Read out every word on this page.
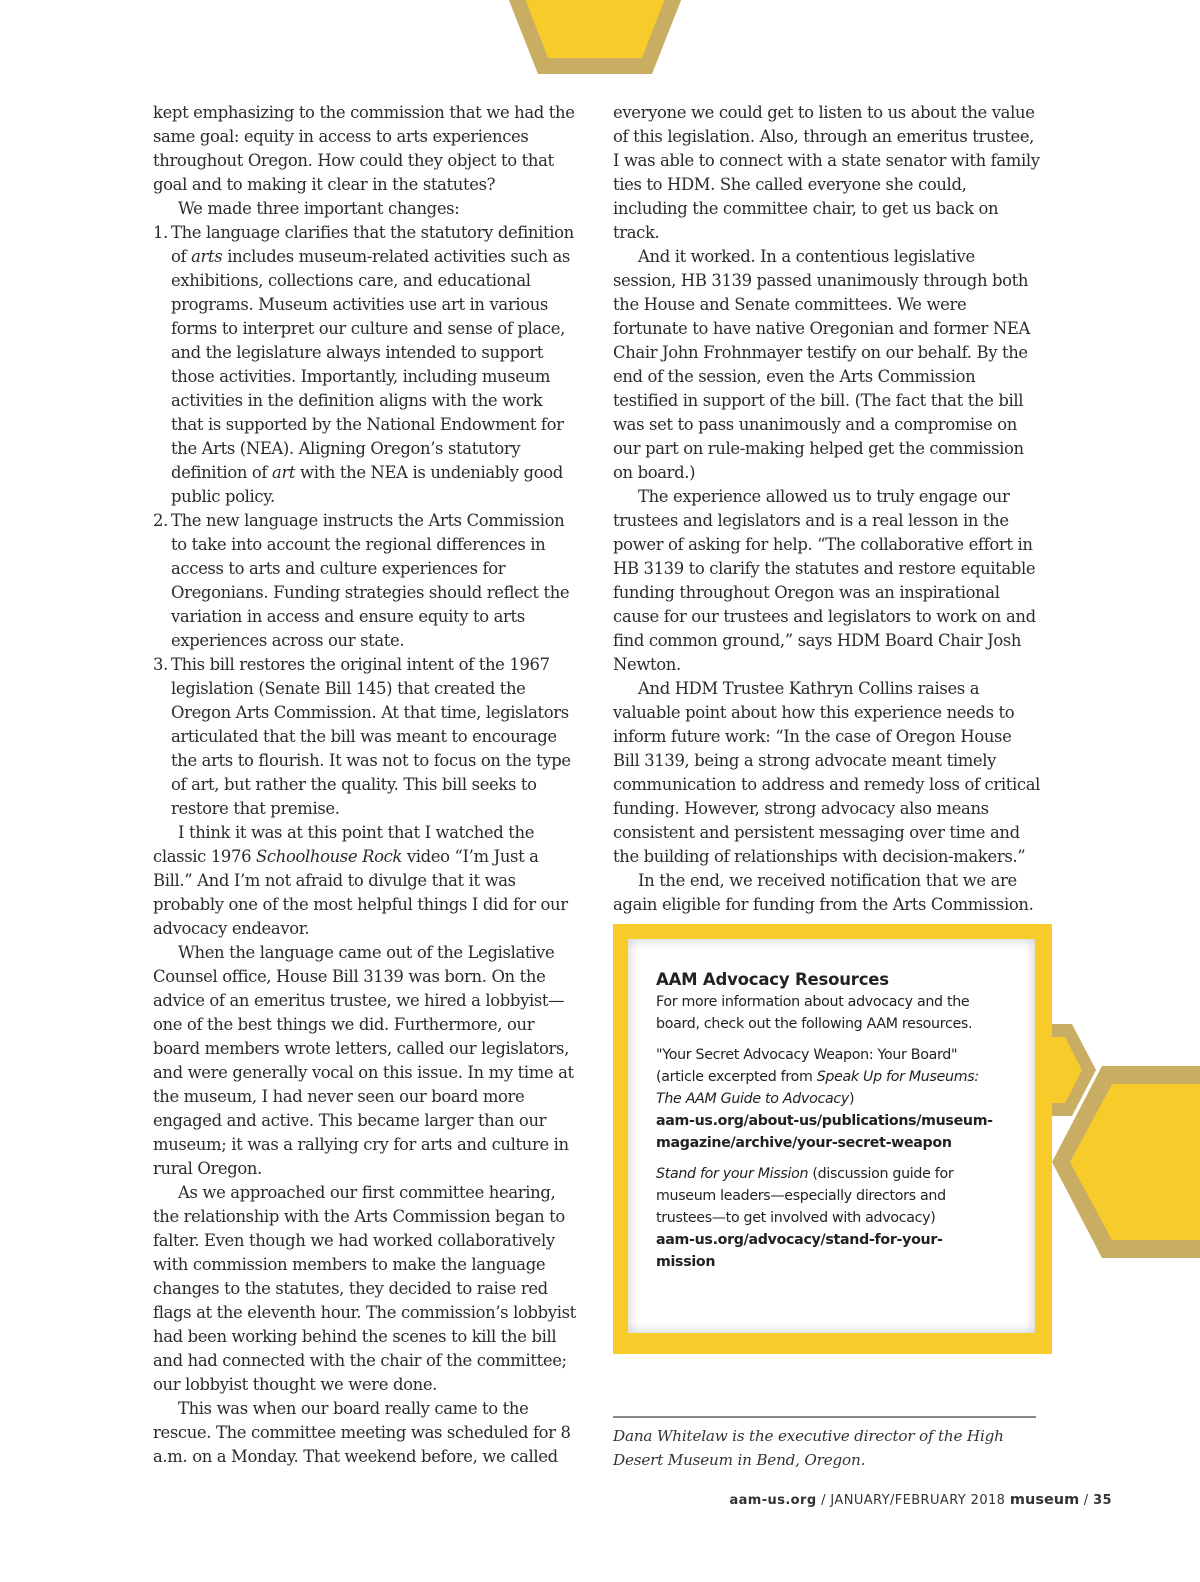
kept emphasizing to the commission that we had the same goal: equity in access to arts experiences throughout Oregon. How could they object to that goal and to making it clear in the statutes?

We made three important changes:

1. The language clarifies that the statutory definition of arts includes museum-related activities such as exhibitions, collections care, and educational programs. Museum activities use art in various forms to interpret our culture and sense of place, and the legislature always intended to support those activities. Importantly, including museum activities in the definition aligns with the work that is supported by the National Endowment for the Arts (NEA). Aligning Oregon’s statutory definition of art with the NEA is undeniably good public policy.
2. The new language instructs the Arts Commission to take into account the regional differences in access to arts and culture experiences for Oregonians. Funding strategies should reflect the variation in access and ensure equity to arts experiences across our state.
3. This bill restores the original intent of the 1967 legislation (Senate Bill 145) that created the Oregon Arts Commission. At that time, legislators articulated that the bill was meant to encourage the arts to flourish. It was not to focus on the type of art, but rather the quality. This bill seeks to restore that premise.

I think it was at this point that I watched the classic 1976 Schoolhouse Rock video “I’m Just a Bill.” And I’m not afraid to divulge that it was probably one of the most helpful things I did for our advocacy endeavor.

When the language came out of the Legislative Counsel office, House Bill 3139 was born. On the advice of an emeritus trustee, we hired a lobbyist—one of the best things we did. Furthermore, our board members wrote letters, called our legislators, and were generally vocal on this issue. In my time at the museum, I had never seen our board more engaged and active. This became larger than our museum; it was a rallying cry for arts and culture in rural Oregon.

As we approached our first committee hearing, the relationship with the Arts Commission began to falter. Even though we had worked collaboratively with commission members to make the language changes to the statutes, they decided to raise red flags at the eleventh hour. The commission’s lobbyist had been working behind the scenes to kill the bill and had connected with the chair of the committee; our lobbyist thought we were done.

This was when our board really came to the rescue. The committee meeting was scheduled for 8 a.m. on a Monday. That weekend before, we called

everyone we could get to listen to us about the value of this legislation. Also, through an emeritus trustee, I was able to connect with a state senator with family ties to HDM. She called everyone she could, including the committee chair, to get us back on track.

And it worked. In a contentious legislative session, HB 3139 passed unanimously through both the House and Senate committees. We were fortunate to have native Oregonian and former NEA Chair John Frohnmayer testify on our behalf. By the end of the session, even the Arts Commission testified in support of the bill. (The fact that the bill was set to pass unanimously and a compromise on our part on rule-making helped get the commission on board.)

The experience allowed us to truly engage our trustees and legislators and is a real lesson in the power of asking for help. “The collaborative effort in HB 3139 to clarify the statutes and restore equitable funding throughout Oregon was an inspirational cause for our trustees and legislators to work on and find common ground,” says HDM Board Chair Josh Newton.

And HDM Trustee Kathryn Collins raises a valuable point about how this experience needs to inform future work: “In the case of Oregon House Bill 3139, being a strong advocate meant timely communication to address and remedy loss of critical funding. However, strong advocacy also means consistent and persistent messaging over time and the building of relationships with decision-makers.”

In the end, we received notification that we are again eligible for funding from the Arts Commission.

AAM Advocacy Resources

For more information about advocacy and the board, check out the following AAM resources.

"Your Secret Advocacy Weapon: Your Board" (article excerpted from Speak Up for Museums: The AAM Guide to Advocacy)
aam-us.org/about-us/publications/museum-magazine/archive/your-secret-weapon

Stand for your Mission (discussion guide for museum leaders—especially directors and trustees—to get involved with advocacy)
aam-us.org/advocacy/stand-for-your-mission

Dana Whitelaw is the executive director of the High Desert Museum in Bend, Oregon.
aam-us.org / JANUARY/FEBRUARY 2018 museum / 35
